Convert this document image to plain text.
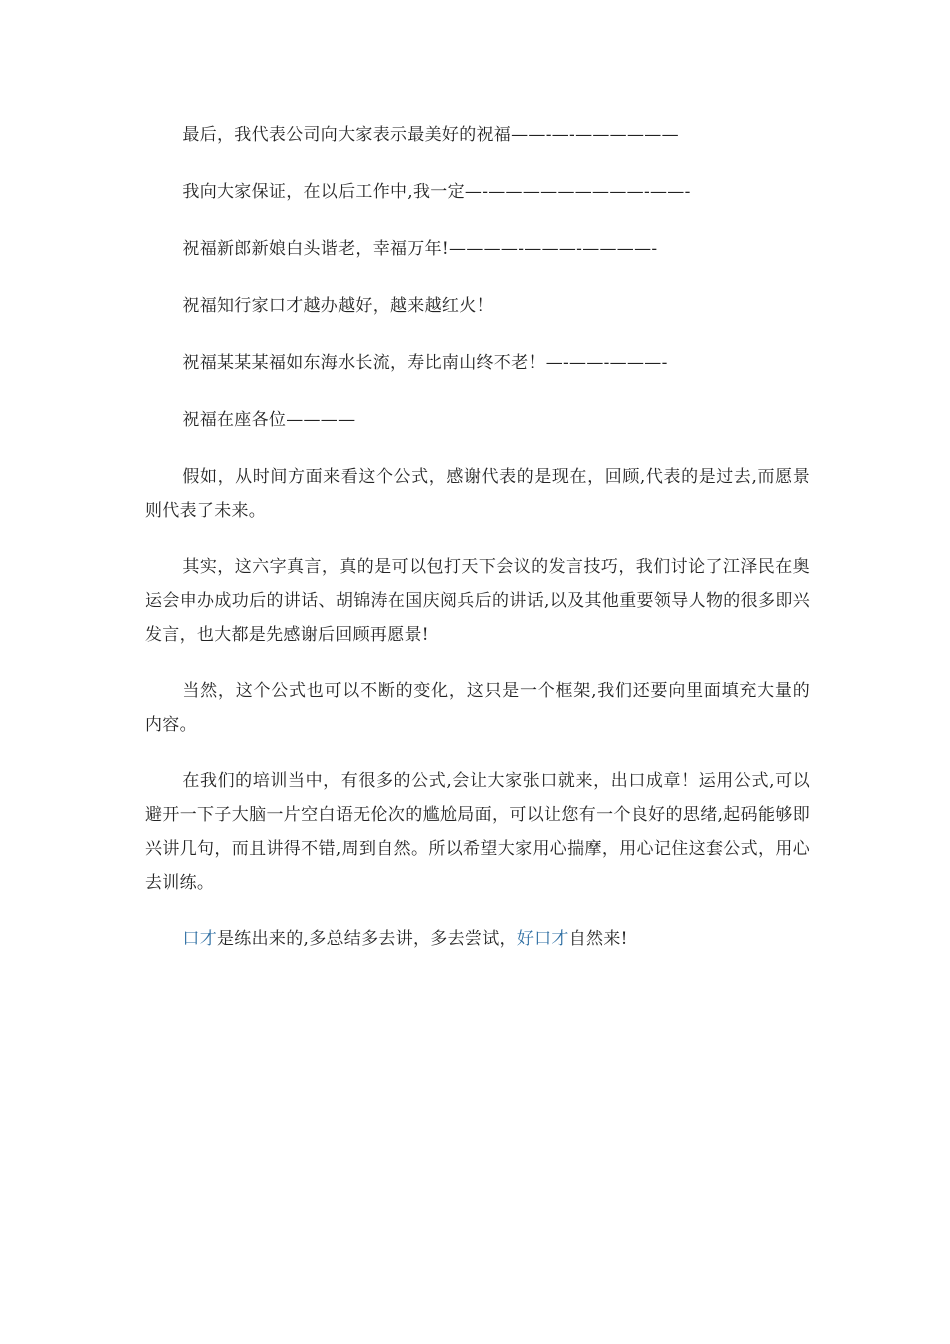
最后，我代表公司向大家表示最美好的祝福——-—-——————

我向大家保证，在以后工作中,我一定—-—————————-——-

祝福新郎新娘白头谐老，幸福万年!————-———-————-

祝福知行家口才越办越好，越来越红火！

祝福某某某福如东海水长流，寿比南山终不老！—-——-———-

祝福在座各位————

假如，从时间方面来看这个公式，感谢代表的是现在，回顾,代表的是过去,而愿景则代表了未来。

其实，这六字真言，真的是可以包打天下会议的发言技巧，我们讨论了江泽民在奥运会申办成功后的讲话、胡锦涛在国庆阅兵后的讲话,以及其他重要领导人物的很多即兴发言，也大都是先感谢后回顾再愿景!

当然，这个公式也可以不断的变化，这只是一个框架,我们还要向里面填充大量的内容。

在我们的培训当中，有很多的公式,会让大家张口就来，出口成章！运用公式,可以避开一下子大脑一片空白语无伦次的尴尬局面，可以让您有一个良好的思绪,起码能够即兴讲几句，而且讲得不错,周到自然。所以希望大家用心揣摩，用心记住这套公式，用心去训练。

口才是练出来的,多总结多去讲，多去尝试，好口才自然来!
